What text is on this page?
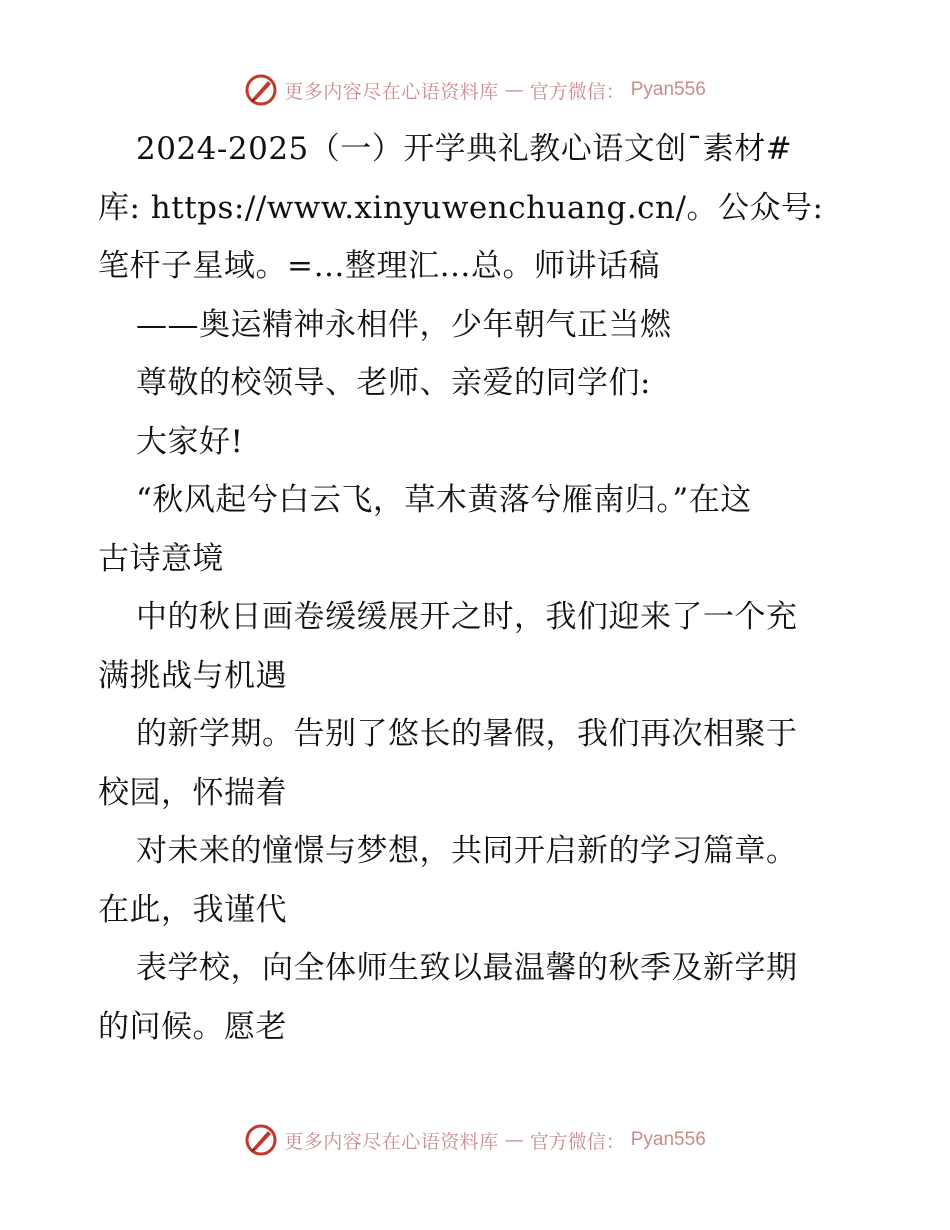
更多内容尽在心语资料库 — 官方微信： Pyan556
2024-2025（一）开学典礼教心语文创¯素材#
库: https://www.xinyuwenchuang.cn/。公众号:
笔杆子星域。=…整理汇…总。师讲话稿
——奥运精神永相伴，少年朝气正当燃
尊敬的校领导、老师、亲爱的同学们:
大家好!
“秋风起兮白云飞，草木黄落兮雁南归。”在这
古诗意境
中的秋日画卷缓缓展开之时，我们迎来了一个充
满挑战与机遇
的新学期。告别了悠长的暑假，我们再次相聚于
校园，怀揣着
对未来的憧憬与梦想，共同开启新的学习篇章。
在此，我谨代
表学校，向全体师生致以最温馨的秋季及新学期
的问候。愿老
更多内容尽在心语资料库 — 官方微信： Pyan556
